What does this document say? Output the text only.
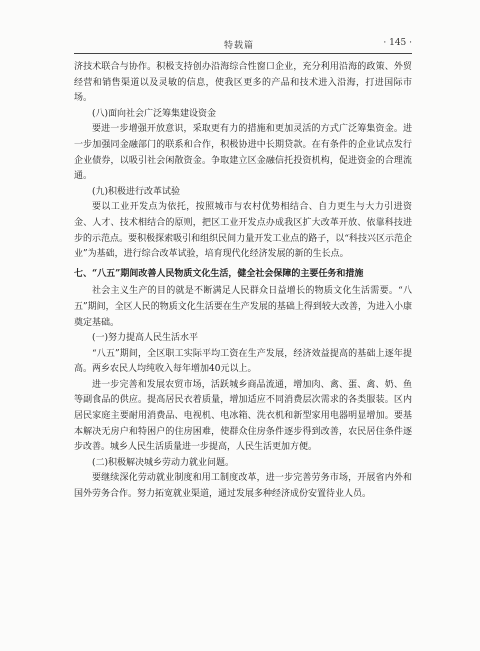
特载篇	· 145 ·

济技术联合与协作。积极支持创办沿海综合性窗口企业，充分利用沿海的政策、外贸经营和销售渠道以及灵敏的信息，使我区更多的产品和技术进入沿海，打进国际市场。

(八)面向社会广泛筹集建设资金

要进一步增强开放意识，采取更有力的措施和更加灵活的方式广泛筹集资金。进一步加强同金融部门的联系和合作，积极协进中长期贷款。在有条件的企业试点发行企业债券，以吸引社会闲散资金。争取建立区金融信托投资机构，促进资金的合理流通。

(九)积极进行改革试验

要以工业开发点为依托，按照城市与农村优势相结合、自力更生与大力引进资金、人才、技术相结合的原则，把区工业开发点办成我区扩大改革开放、依靠科技进步的示范点。要积极探索吸引和组织民间力量开发工业点的路子，以“科技兴区示范企业”为基础，进行综合改革试验，培育现代化经济发展的新的生长点。

七、“八五”期间改善人民物质文化生活，健全社会保障的主要任务和措施

社会主义生产的目的就是不断满足人民群众日益增长的物质文化生活需要。“八五”期间，全区人民的物质文化生活要在生产发展的基础上得到较大改善，为进入小康奠定基础。

(一)努力提高人民生活水平

“八五”期间，全区职工实际平均工资在生产发展，经济效益提高的基础上逐年提高。两乡农民人均纯收入每年增加40元以上。

进一步完善和发展农贸市场，活跃城乡商品流通，增加肉、禽、蛋、禽、奶、鱼等副食品的供应。提高居民衣着质量，增加适应不同消费层次需求的各类服装。区内居民家庭主要耐用消费品、电视机、电冰箱、洗衣机和新型家用电器明显增加。要基本解决无房户和特困户的住房困难，使群众住房条件逐步得到改善，农民居住条件逐步改善。城乡人民生活质量进一步提高，人民生活更加方便。

(二)积极解决城乡劳动力就业问题。

要继续深化劳动就业制度和用工制度改革，进一步完善劳务市场，开展省内外和国外劳务合作。努力拓宽就业渠道，通过发展多种经济成份安置待业人员。
